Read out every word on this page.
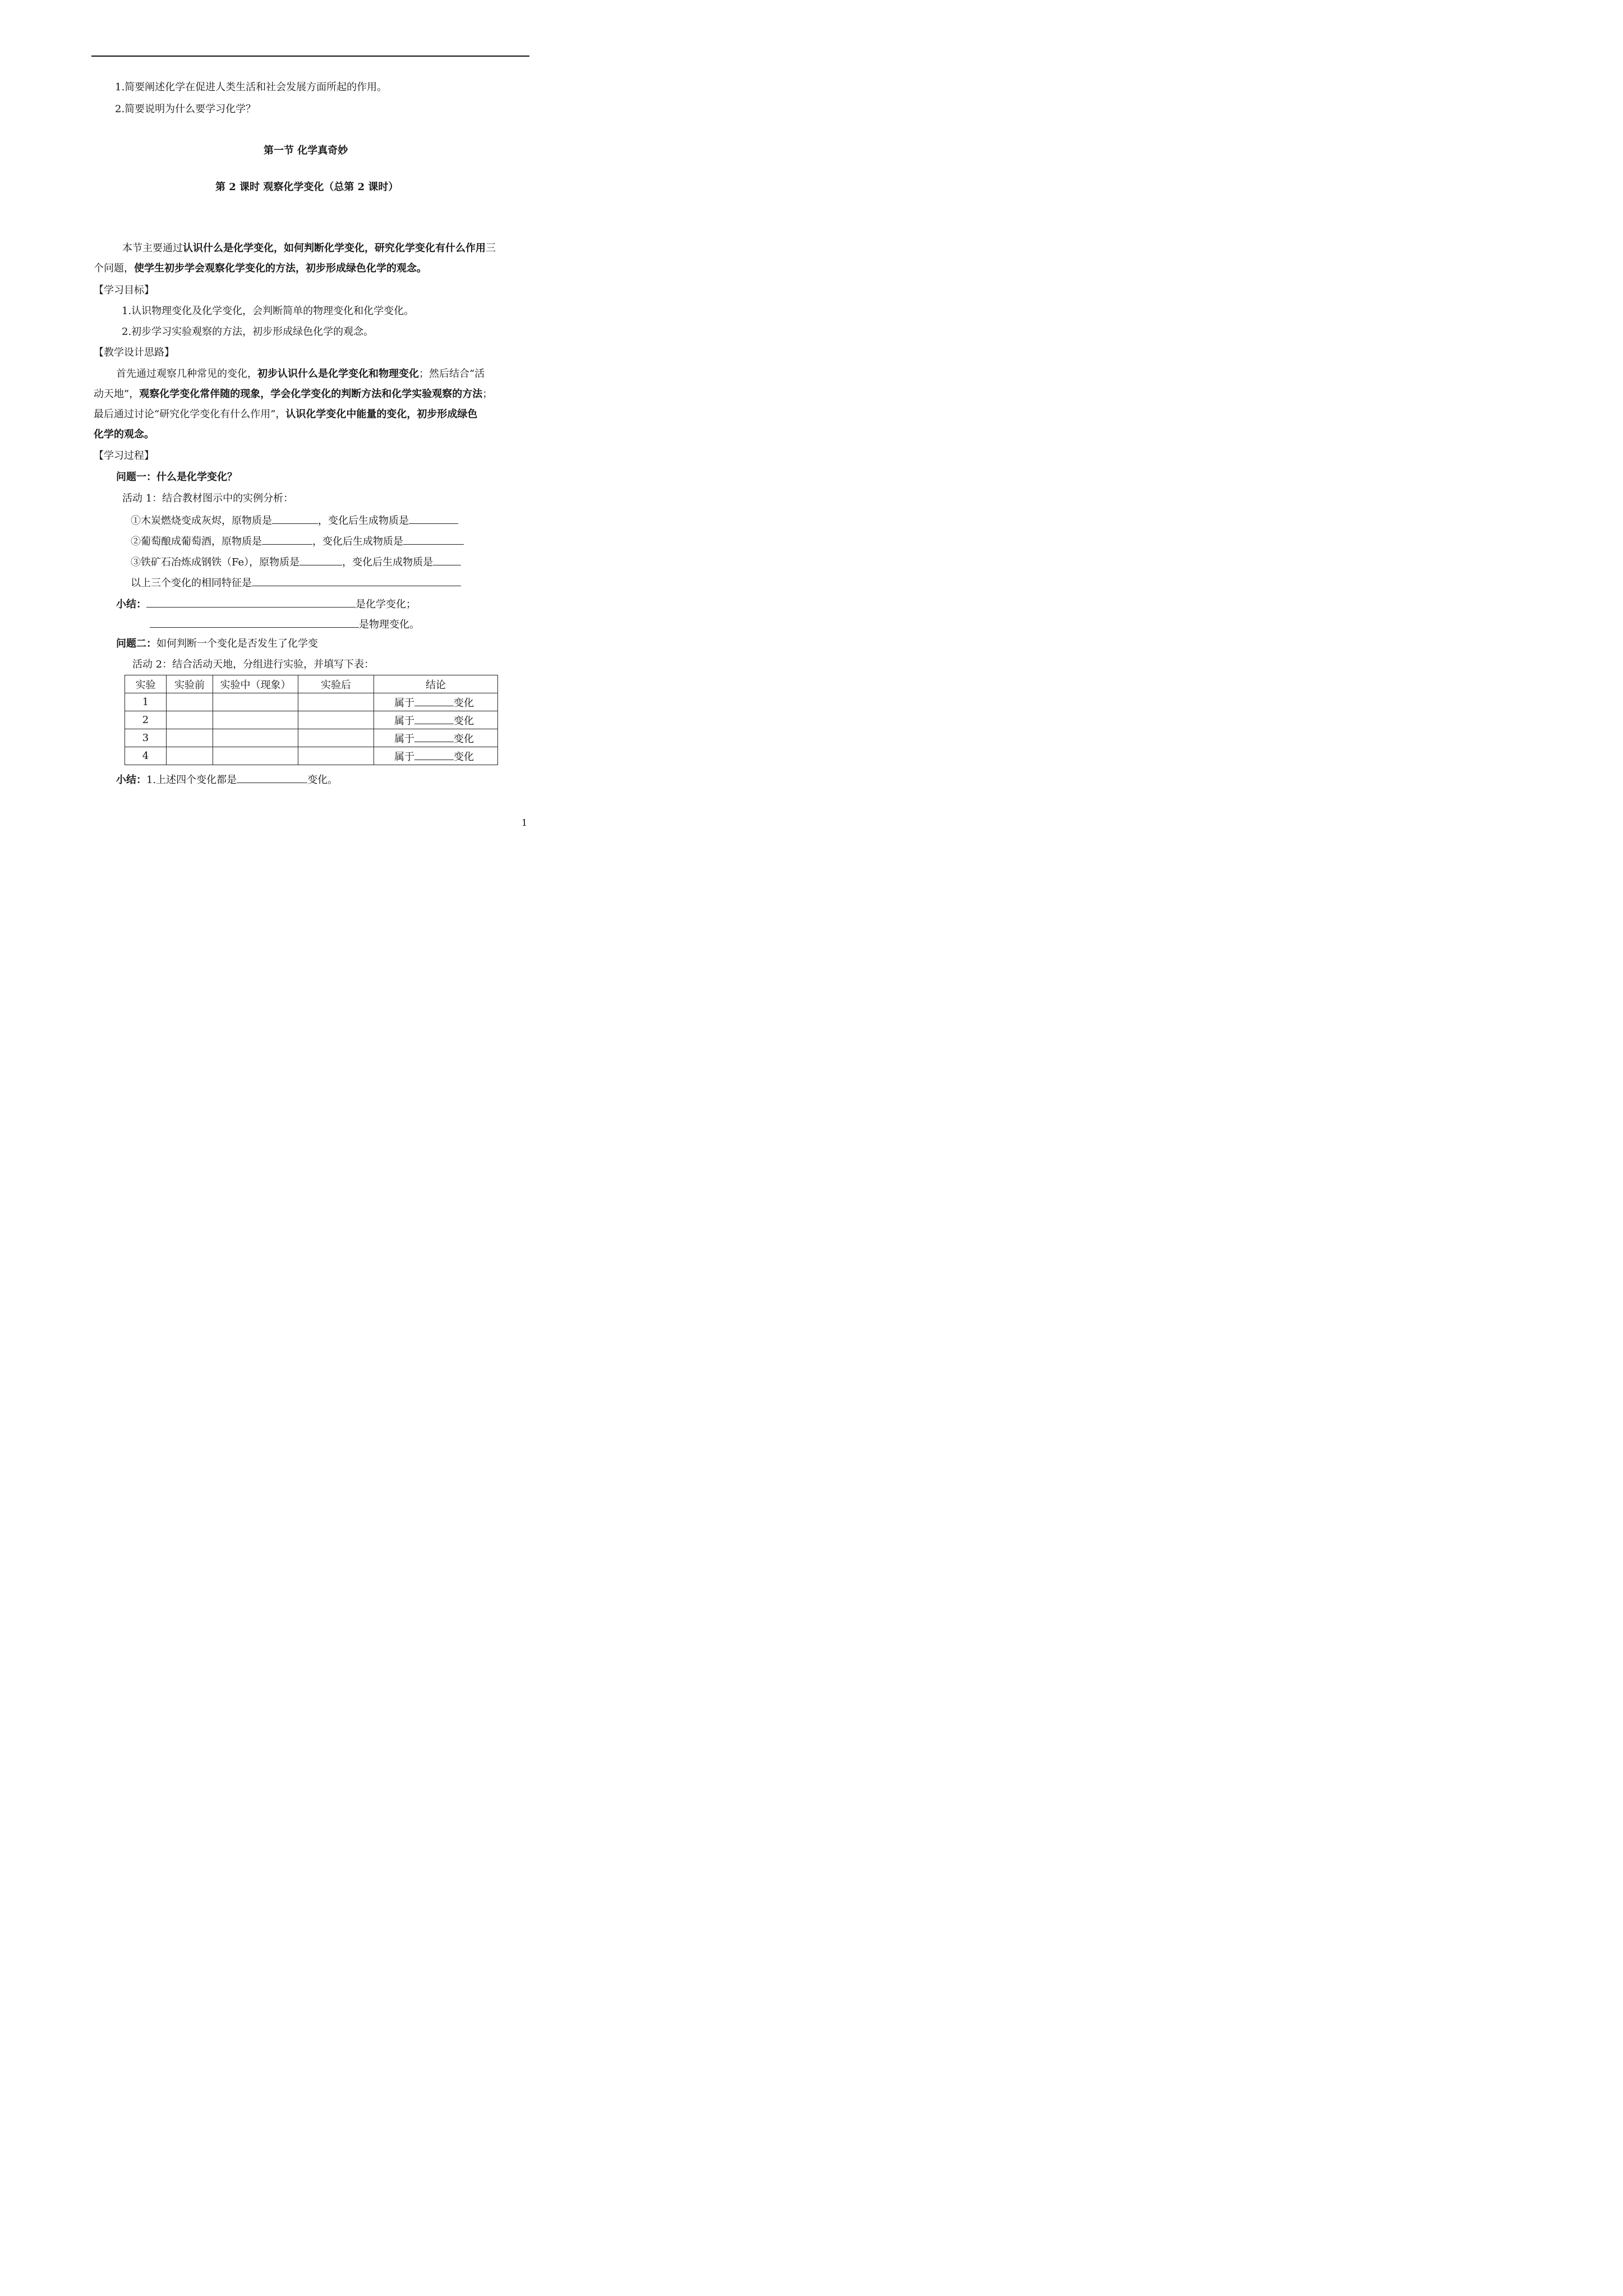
1.简要阐述化学在促进人类生活和社会发展方面所起的作用。
2.简要说明为什么要学习化学？
第一节 化学真奇妙
第 2 课时 观察化学变化（总第 2 课时）
本节主要通过认识什么是化学变化，如何判断化学变化，研究化学变化有什么作用三
个问题，使学生初步学会观察化学变化的方法，初步形成绿色化学的观念。
【学习目标】
1.认识物理变化及化学变化，会判断简单的物理变化和化学变化。
2.初步学习实验观察的方法，初步形成绿色化学的观念。
【教学设计思路】
首先通过观察几种常见的变化，初步认识什么是化学变化和物理变化；然后结合“活
动天地”，观察化学变化常伴随的现象，学会化学变化的判断方法和化学实验观察的方法；
最后通过讨论“研究化学变化有什么作用”，认识化学变化中能量的变化，初步形成绿色
化学的观念。
【学习过程】
问题一：什么是化学变化？
活动 1：结合教材图示中的实例分析：
①木炭燃烧变成灰烬，原物质是	，变化后生成物质是
②葡萄酿成葡萄酒，原物质是	，变化后生成物质是
③铁矿石冶炼成钢铁（Fe），原物质是	，变化后生成物质是
以上三个变化的相同特征是
小结：	是化学变化；
是物理变化。
问题二：如何判断一个变化是否发生了化学变
活动 2：结合活动天地，分组进行实验，并填写下表：
实验	实验前	实验中（现象）	实验后	结论
1				属于 变化
2				属于 变化
3				属于 变化
4				属于 变化
小结：1.上述四个变化都是	变化。
1
